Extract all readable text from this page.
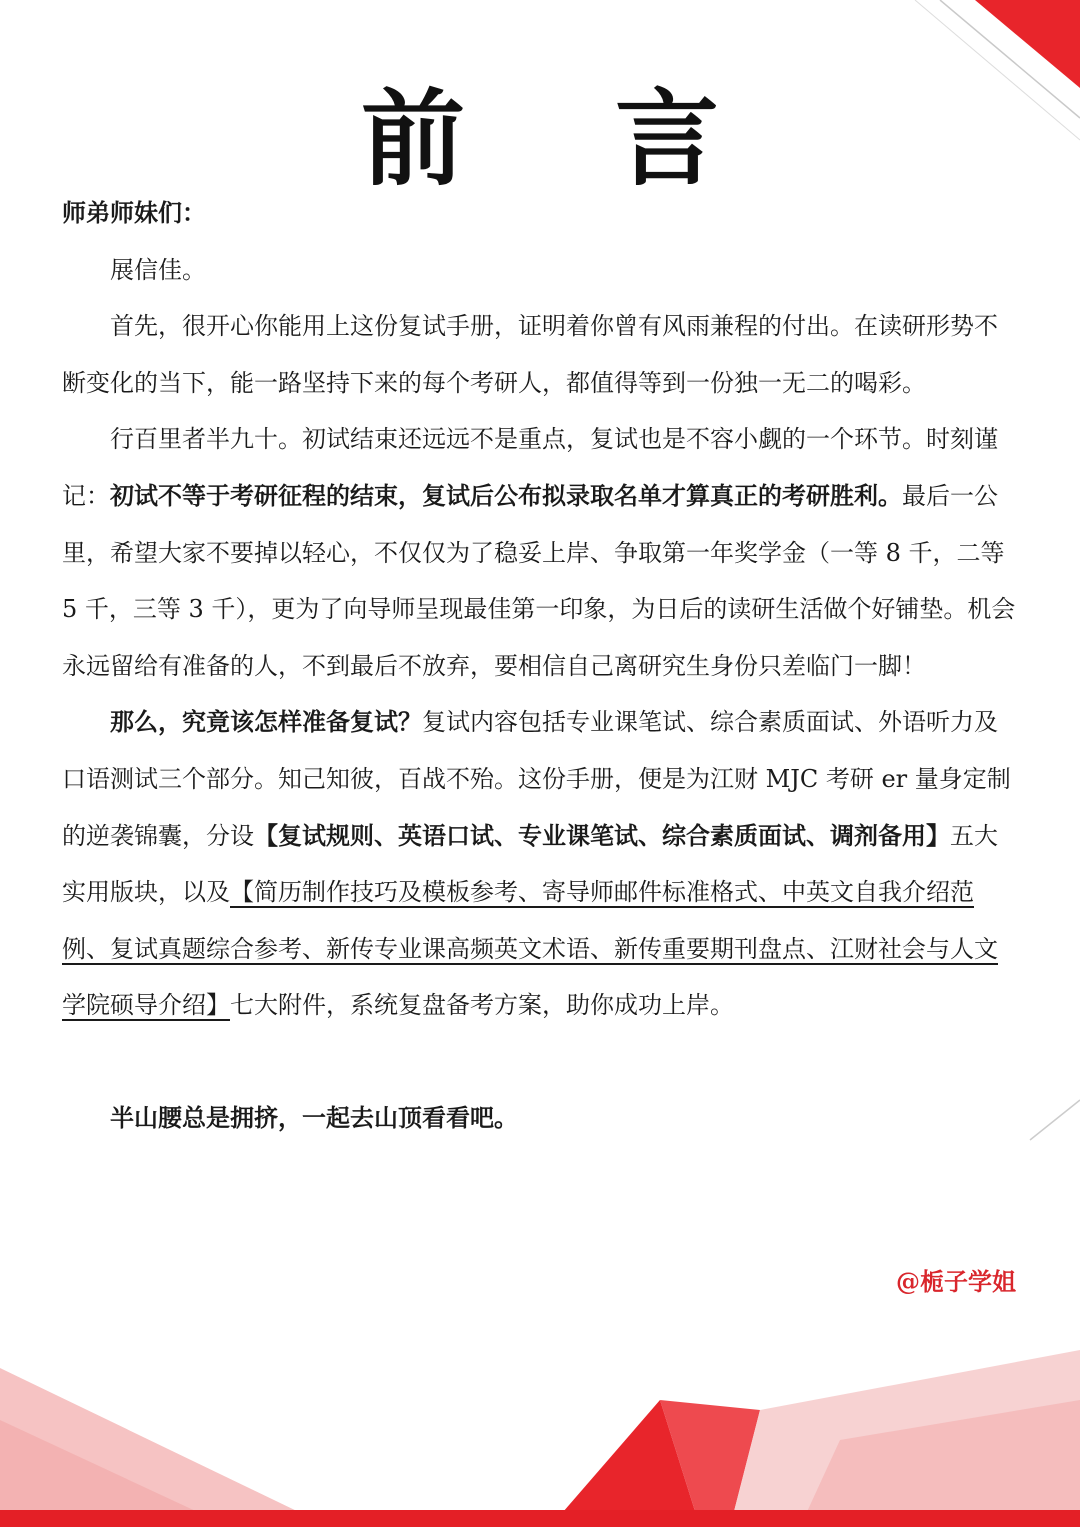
前 言

师弟师妹们：

展信佳。

首先，很开心你能用上这份复试手册，证明着你曾有风雨兼程的付出。在读研形势不断变化的当下，能一路坚持下来的每个考研人，都值得等到一份独一无二的喝彩。

行百里者半九十。初试结束还远远不是重点，复试也是不容小觑的一个环节。时刻谨记：初试不等于考研征程的结束，复试后公布拟录取名单才算真正的考研胜利。最后一公里，希望大家不要掉以轻心，不仅仅为了稳妥上岸、争取第一年奖学金（一等 8 千，二等 5 千，三等 3 千），更为了向导师呈现最佳第一印象，为日后的读研生活做个好铺垫。机会永远留给有准备的人，不到最后不放弃，要相信自己离研究生身份只差临门一脚！

那么，究竟该怎样准备复试？复试内容包括专业课笔试、综合素质面试、外语听力及口语测试三个部分。知己知彼，百战不殆。这份手册，便是为江财 MJC 考研 er 量身定制的逆袭锦囊，分设【复试规则、英语口试、专业课笔试、综合素质面试、调剂备用】五大实用版块，以及【简历制作技巧及模板参考、寄导师邮件标准格式、中英文自我介绍范例、复试真题综合参考、新传专业课高频英文术语、新传重要期刊盘点、江财社会与人文学院硕导介绍】七大附件，系统复盘备考方案，助你成功上岸。

半山腰总是拥挤，一起去山顶看看吧。

@栀子学姐
